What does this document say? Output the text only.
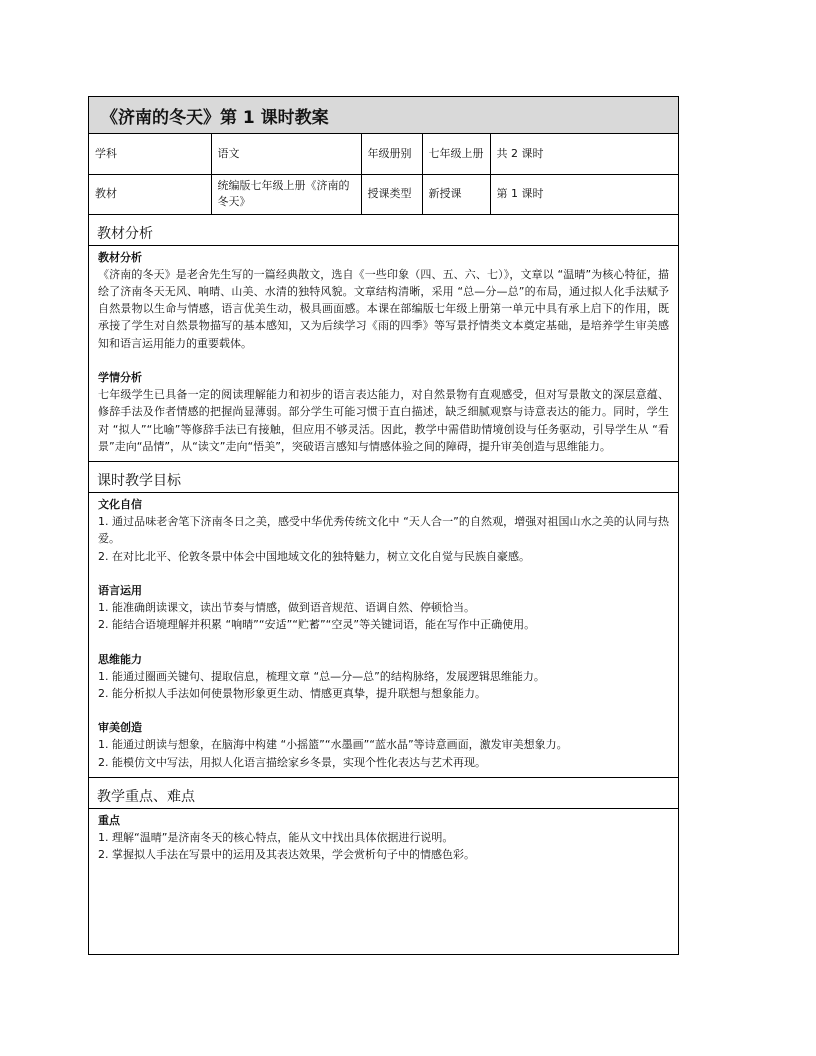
《济南的冬天》第 1 课时教案
学科	语文	年级册别	七年级上册	共 2 课时
教材	统编版七年级上册《济南的冬天》	授课类型	新授课	第 1 课时
教材分析
教材分析
《济南的冬天》是老舍先生写的一篇经典散文，选自《一些印象（四、五、六、七）》，文章以 “温晴”为核心特征，描绘了济南冬天无风、响晴、山美、水清的独特风貌。文章结构清晰，采用 “总—分—总”的布局，通过拟人化手法赋予自然景物以生命与情感，语言优美生动，极具画面感。本课在部编版七年级上册第一单元中具有承上启下的作用，既承接了学生对自然景物描写的基本感知，又为后续学习《雨的四季》等写景抒情类文本奠定基础，是培养学生审美感知和语言运用能力的重要载体。
学情分析
七年级学生已具备一定的阅读理解能力和初步的语言表达能力，对自然景物有直观感受，但对写景散文的深层意蕴、修辞手法及作者情感的把握尚显薄弱。部分学生可能习惯于直白描述，缺乏细腻观察与诗意表达的能力。同时，学生对 “拟人”“比喻”等修辞手法已有接触，但应用不够灵活。因此，教学中需借助情境创设与任务驱动，引导学生从 “看景”走向“品情”，从“读文”走向“悟美”，突破语言感知与情感体验之间的障碍，提升审美创造与思维能力。
课时教学目标
文化自信
1. 通过品味老舍笔下济南冬日之美，感受中华优秀传统文化中 “天人合一”的自然观，增强对祖国山水之美的认同与热爱。
2. 在对比北平、伦敦冬景中体会中国地域文化的独特魅力，树立文化自觉与民族自豪感。
语言运用
1. 能准确朗读课文，读出节奏与情感，做到语音规范、语调自然、停顿恰当。
2. 能结合语境理解并积累 “响晴”“安适”“贮蓄”“空灵”等关键词语，能在写作中正确使用。
思维能力
1. 能通过圈画关键句、提取信息，梳理文章 “总—分—总”的结构脉络，发展逻辑思维能力。
2. 能分析拟人手法如何使景物形象更生动、情感更真挚，提升联想与想象能力。
审美创造
1. 能通过朗读与想象，在脑海中构建 “小摇篮”“水墨画”“蓝水晶”等诗意画面，激发审美想象力。
2. 能模仿文中写法，用拟人化语言描绘家乡冬景，实现个性化表达与艺术再现。
教学重点、难点
重点
1. 理解“温晴”是济南冬天的核心特点，能从文中找出具体依据进行说明。
2. 掌握拟人手法在写景中的运用及其表达效果，学会赏析句子中的情感色彩。
